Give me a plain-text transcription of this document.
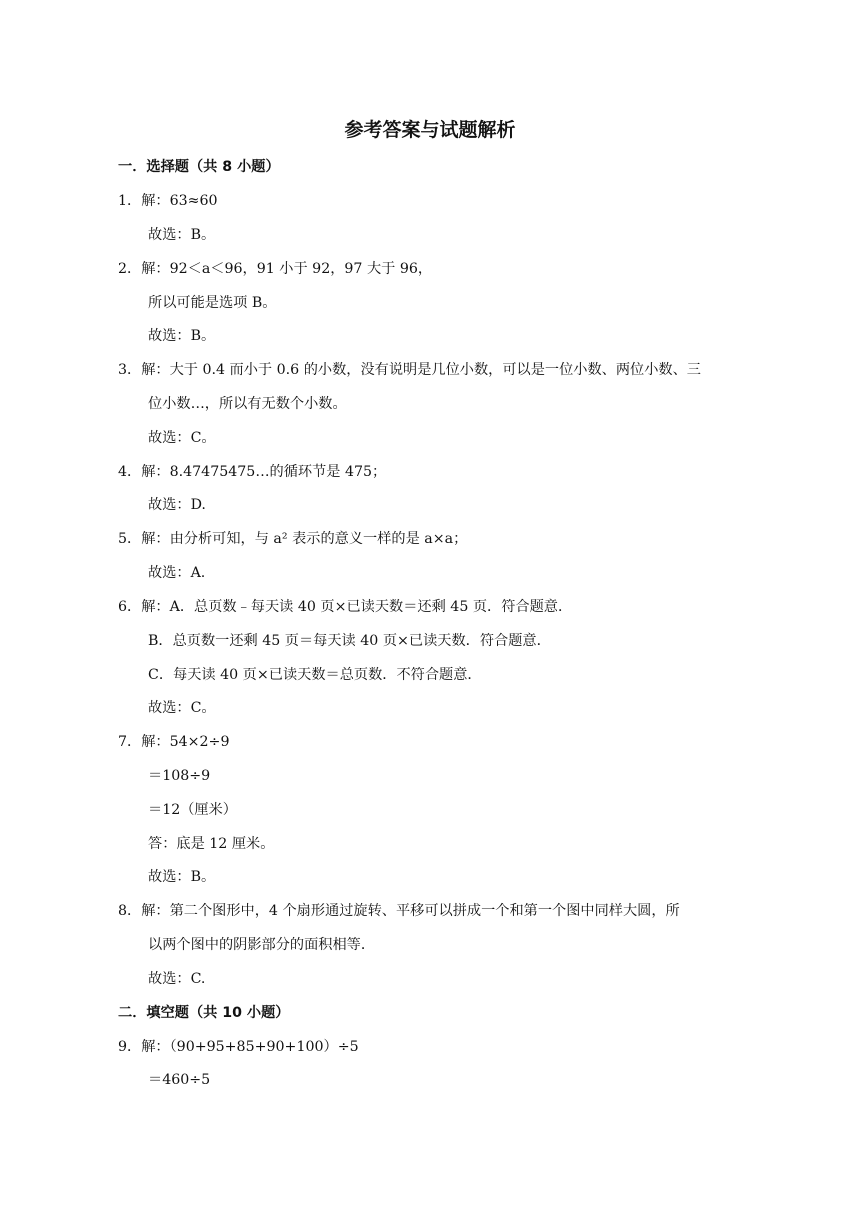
参考答案与试题解析
一．选择题（共 8 小题）
1．解：63≈60
故选：B。
2．解：92＜a＜96，91 小于 92，97 大于 96，
所以可能是选项 B。
故选：B。
3．解：大于 0.4 而小于 0.6 的小数，没有说明是几位小数，可以是一位小数、两位小数、三
位小数…，所以有无数个小数。
故选：C。
4．解：8.47475475…的循环节是 475；
故选：D.
5．解：由分析可知，与 a² 表示的意义一样的是 a×a；
故选：A.
6．解：A．总页数﹣每天读 40 页×已读天数＝还剩 45 页．符合题意．
B．总页数一还剩 45 页＝每天读 40 页×已读天数．符合题意．
C．每天读 40 页×已读天数＝总页数．不符合题意．
故选：C。
7．解：54×2÷9
＝108÷9
＝12（厘米）
答：底是 12 厘米。
故选：B。
8．解：第二个图形中，4 个扇形通过旋转、平移可以拼成一个和第一个图中同样大圆，所
以两个图中的阴影部分的面积相等．
故选：C.
二．填空题（共 10 小题）
9．解：（90+95+85+90+100）÷5
＝460÷5
